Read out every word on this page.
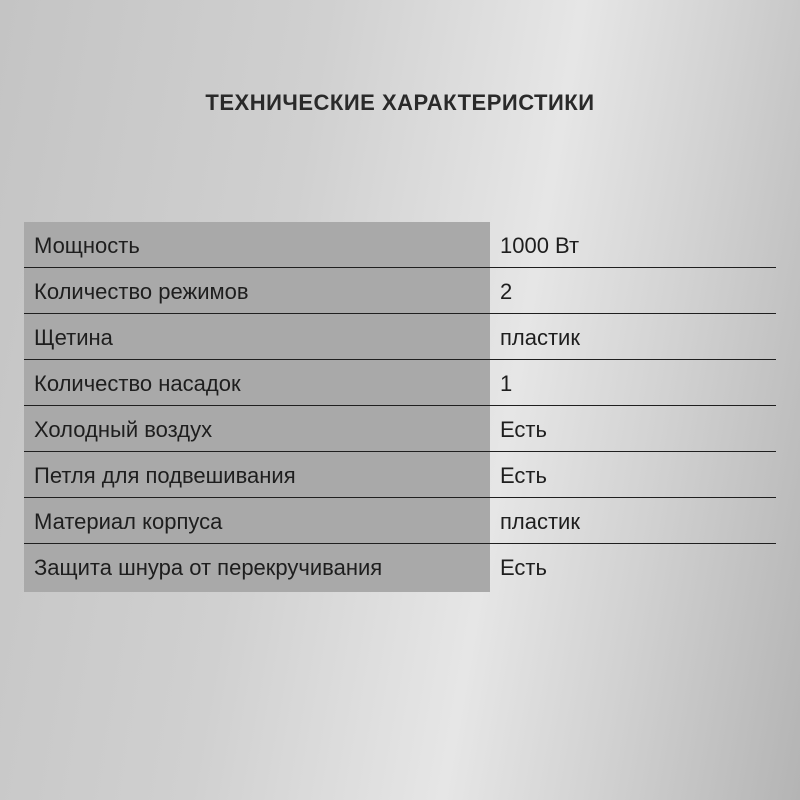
ТЕХНИЧЕСКИЕ ХАРАКТЕРИСТИКИ
Мощность	1000 Вт
Количество режимов	2
Щетина	пластик
Количество насадок	1
Холодный воздух	Есть
Петля для подвешивания	Есть
Материал корпуса	пластик
Защита шнура от перекручивания	Есть
